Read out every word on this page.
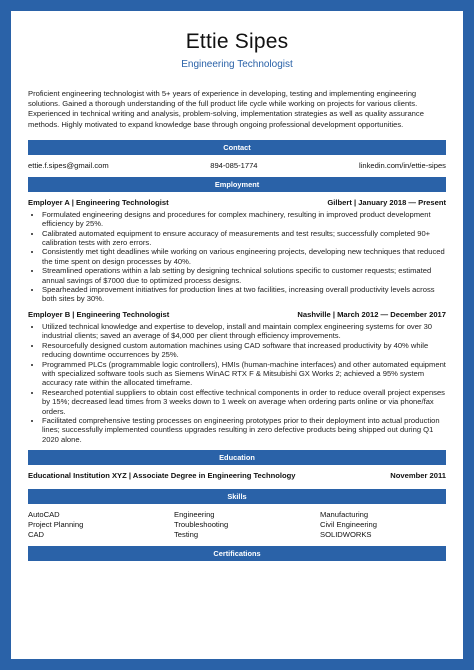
Ettie Sipes
Engineering Technologist
Proficient engineering technologist with 5+ years of experience in developing, testing and implementing engineering solutions. Gained a thorough understanding of the full product life cycle while working on projects for various clients. Experienced in technical writing and analysis, problem-solving, implementation strategies as well as quality assurance methods. Highly motivated to expand knowledge base through ongoing professional development opportunities.
Contact
ettie.f.sipes@gmail.com	894-085-1774	linkedin.com/in/ettie-sipes
Employment
Employer A | Engineering Technologist	Gilbert | January 2018 — Present
• Formulated engineering designs and procedures for complex machinery, resulting in improved product development efficiency by 25%.
• Calibrated automated equipment to ensure accuracy of measurements and test results; successfully completed 90+ calibration tests with zero errors.
• Consistently met tight deadlines while working on various engineering projects, developing new techniques that reduced the time spent on design processes by 40%.
• Streamlined operations within a lab setting by designing technical solutions specific to customer requests; estimated annual savings of $7000 due to optimized process designs.
• Spearheaded improvement initiatives for production lines at two facilities, increasing overall productivity levels across both sites by 30%.
Employer B | Engineering Technologist	Nashville | March 2012 — December 2017
• Utilized technical knowledge and expertise to develop, install and maintain complex engineering systems for over 30 industrial clients; saved an average of $4,000 per client through efficiency improvements.
• Resourcefully designed custom automation machines using CAD software that increased productivity by 40% while reducing downtime occurrences by 25%.
• Programmed PLCs (programmable logic controllers), HMIs (human-machine interfaces) and other automated equipment with specialized software tools such as Siemens WinAC RTX F & Mitsubishi GX Works 2; achieved a 95% system accuracy rate within the allocated timeframe.
• Researched potential suppliers to obtain cost effective technical components in order to reduce overall project expenses by 15%; decreased lead times from 3 weeks down to 1 week on average when ordering parts online or via phone/fax orders.
• Facilitated comprehensive testing processes on engineering prototypes prior to their deployment into actual production lines; successfully implemented countless upgrades resulting in zero defective products being shipped out during Q1 2020 alone.
Education
Educational Institution XYZ | Associate Degree in Engineering Technology	November 2011
Skills
AutoCAD	Engineering	Manufacturing
Project Planning	Troubleshooting	Civil Engineering
CAD	Testing	SOLIDWORKS
Certifications
